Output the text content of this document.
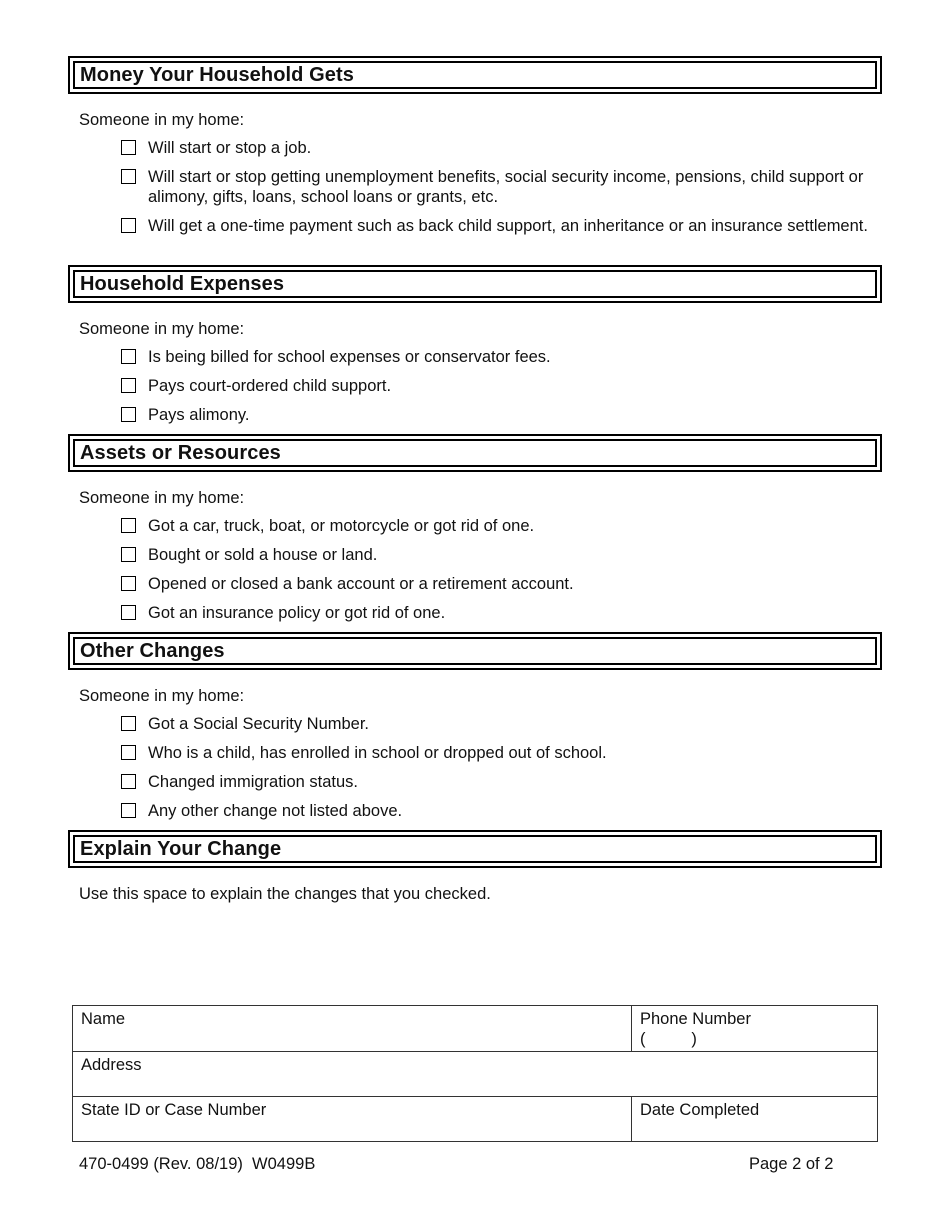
Money Your Household Gets
Someone in my home:
Will start or stop a job.
Will start or stop getting unemployment benefits, social security income, pensions, child support or alimony, gifts, loans, school loans or grants, etc.
Will get a one-time payment such as back child support, an inheritance or an insurance settlement.
Household Expenses
Someone in my home:
Is being billed for school expenses or conservator fees.
Pays court-ordered child support.
Pays alimony.
Assets or Resources
Someone in my home:
Got a car, truck, boat, or motorcycle or got rid of one.
Bought or sold a house or land.
Opened or closed a bank account or a retirement account.
Got an insurance policy or got rid of one.
Other Changes
Someone in my home:
Got a Social Security Number.
Who is a child, has enrolled in school or dropped out of school.
Changed immigration status.
Any other change not listed above.
Explain Your Change
Use this space to explain the changes that you checked.
Name	Phone Number
(          )
Address
State ID or Case Number	Date Completed
470-0499 (Rev. 08/19)  W0499B	Page 2 of 2
